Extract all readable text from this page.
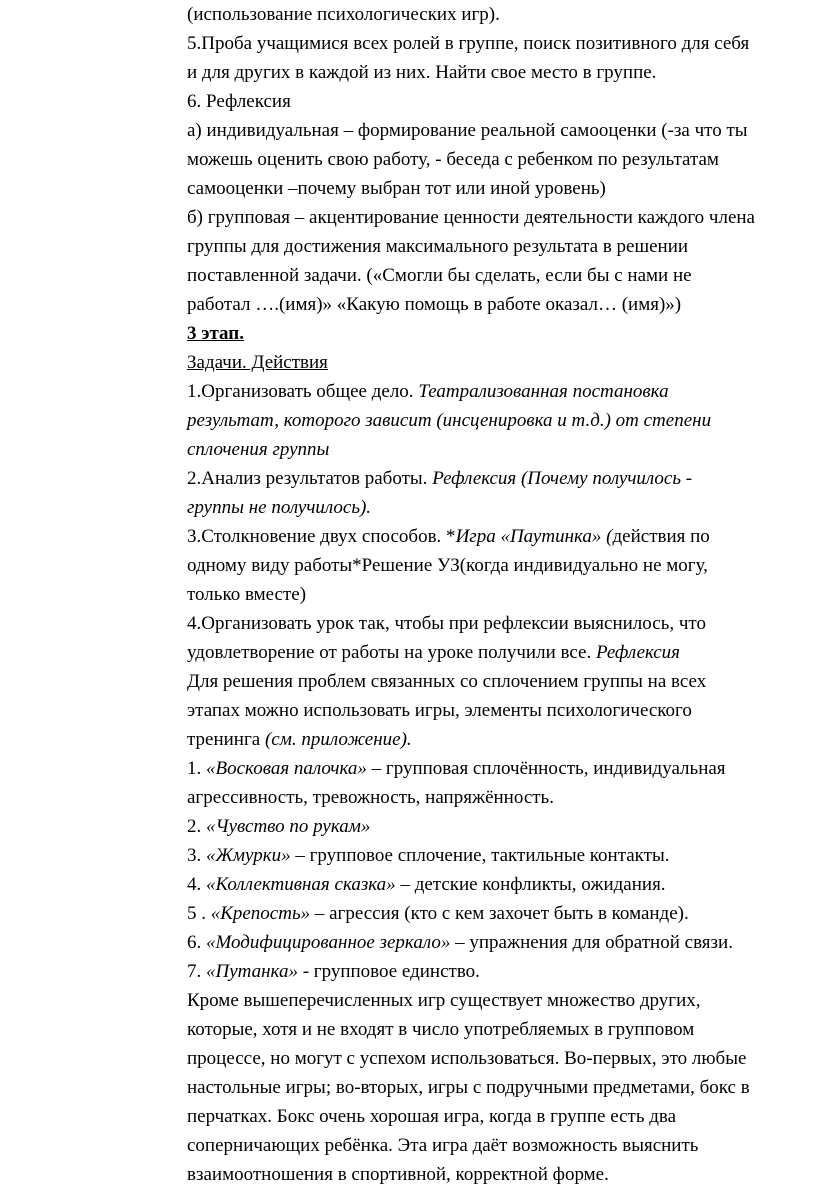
(использование психологических игр).
5.Проба учащимися всех ролей в группе, поиск позитивного для себя
и для других в каждой из них. Найти свое место в группе.
6. Рефлексия
а) индивидуальная – формирование реальной самооценки (-за что ты
можешь оценить свою работу, - беседа с ребенком по результатам
самооценки –почему выбран тот или иной уровень)
б) групповая – акцентирование ценности деятельности каждого члена
группы для достижения максимального результата в решении
поставленной задачи. («Смогли бы сделать, если бы с нами не
работал ….(имя)» «Какую помощь в работе оказал… (имя)»)
3 этап.
Задачи. Действия
1.Организовать общее дело. Театрализованная постановка
результат, которого зависит (инсценировка и т.д.) от степени
сплочения группы
2.Анализ результатов работы. Рефлексия (Почему получилось -
группы не получилось).
3.Столкновение двух способов. *Игра «Паутинка» (действия по
одному виду работы*Решение УЗ(когда индивидуально не могу,
только вместе)
4.Организовать урок так, чтобы при рефлексии выяснилось, что
удовлетворение от работы на уроке получили все. Рефлексия
Для решения проблем связанных со сплочением группы на всех
этапах можно использовать игры, элементы психологического
тренинга (см. приложение).
1. «Восковая палочка» – групповая сплочённость, индивидуальная
агрессивность, тревожность, напряжённость.
2. «Чувство по рукам»
3. «Жмурки» – групповое сплочение, тактильные контакты.
4. «Коллективная сказка» – детские конфликты, ожидания.
5 . «Крепость» – агрессия (кто с кем захочет быть в команде).
6. «Модифицированное зеркало» – упражнения для обратной связи.
7. «Путанка» - групповое единство.
Кроме вышеперечисленных игр существует множество других,
которые, хотя и не входят в число употребляемых в групповом
процессе, но могут с успехом использоваться. Во-первых, это любые
настольные игры; во-вторых, игры с подручными предметами, бокс в
перчатках. Бокс очень хорошая игра, когда в группе есть два
соперничающих ребёнка. Эта игра даёт возможность выяснить
взаимоотношения в спортивной, корректной форме.
